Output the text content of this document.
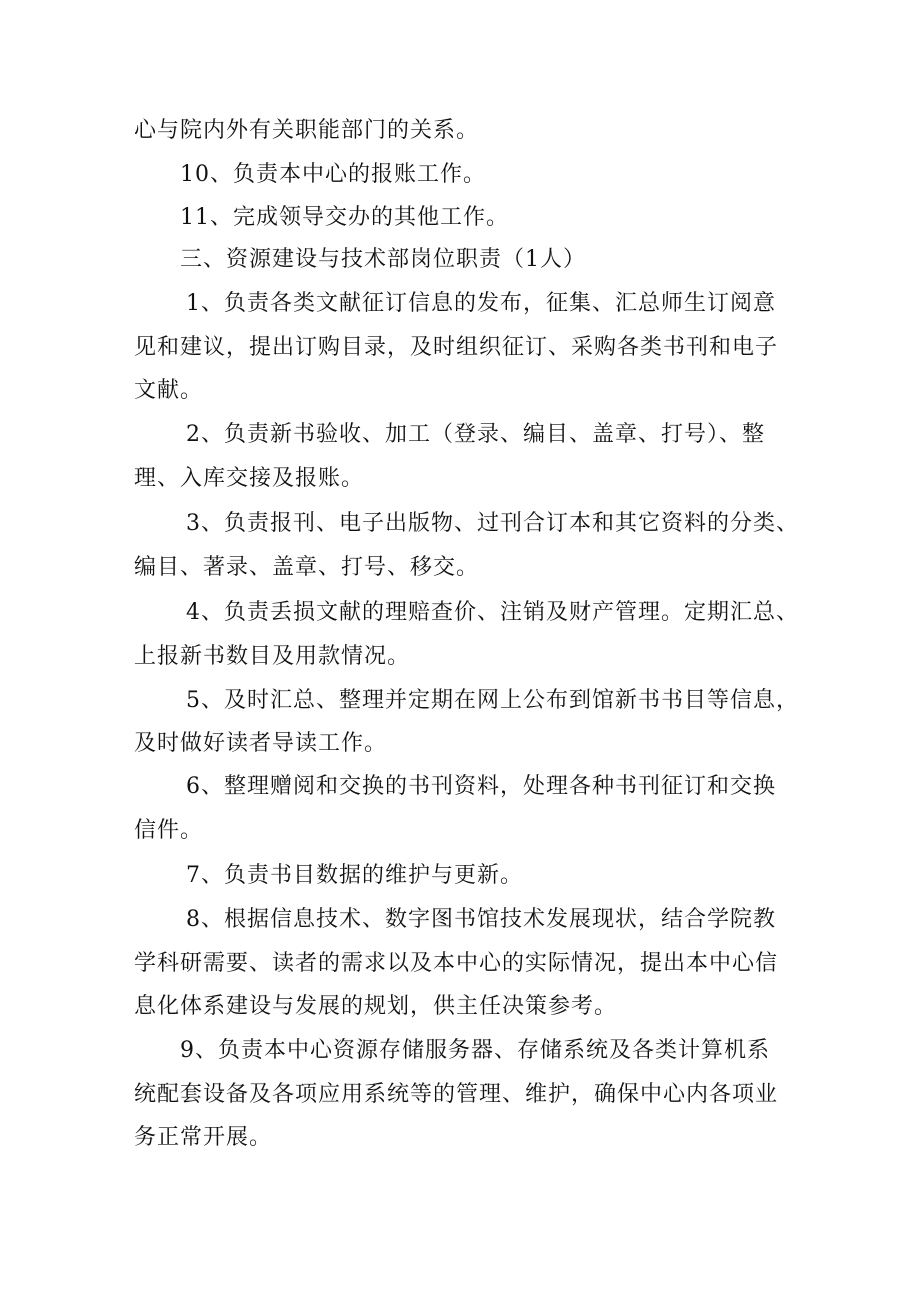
心与院内外有关职能部门的关系。
10、负责本中心的报账工作。
11、完成领导交办的其他工作。
三、资源建设与技术部岗位职责（1人）
1、负责各类文献征订信息的发布，征集、汇总师生订阅意
见和建议，提出订购目录，及时组织征订、采购各类书刊和电子
文献。
2、负责新书验收、加工（登录、编目、盖章、打号）、整
理、入库交接及报账。
3、负责报刊、电子出版物、过刊合订本和其它资料的分类、
编目、著录、盖章、打号、移交。
4、负责丢损文献的理赔查价、注销及财产管理。定期汇总、
上报新书数目及用款情况。
5、及时汇总、整理并定期在网上公布到馆新书书目等信息，
及时做好读者导读工作。
6、整理赠阅和交换的书刊资料，处理各种书刊征订和交换
信件。
7、负责书目数据的维护与更新。
8、根据信息技术、数字图书馆技术发展现状，结合学院教
学科研需要、读者的需求以及本中心的实际情况，提出本中心信
息化体系建设与发展的规划，供主任决策参考。
9、负责本中心资源存储服务器、存储系统及各类计算机系
统配套设备及各项应用系统等的管理、维护，确保中心内各项业
务正常开展。
